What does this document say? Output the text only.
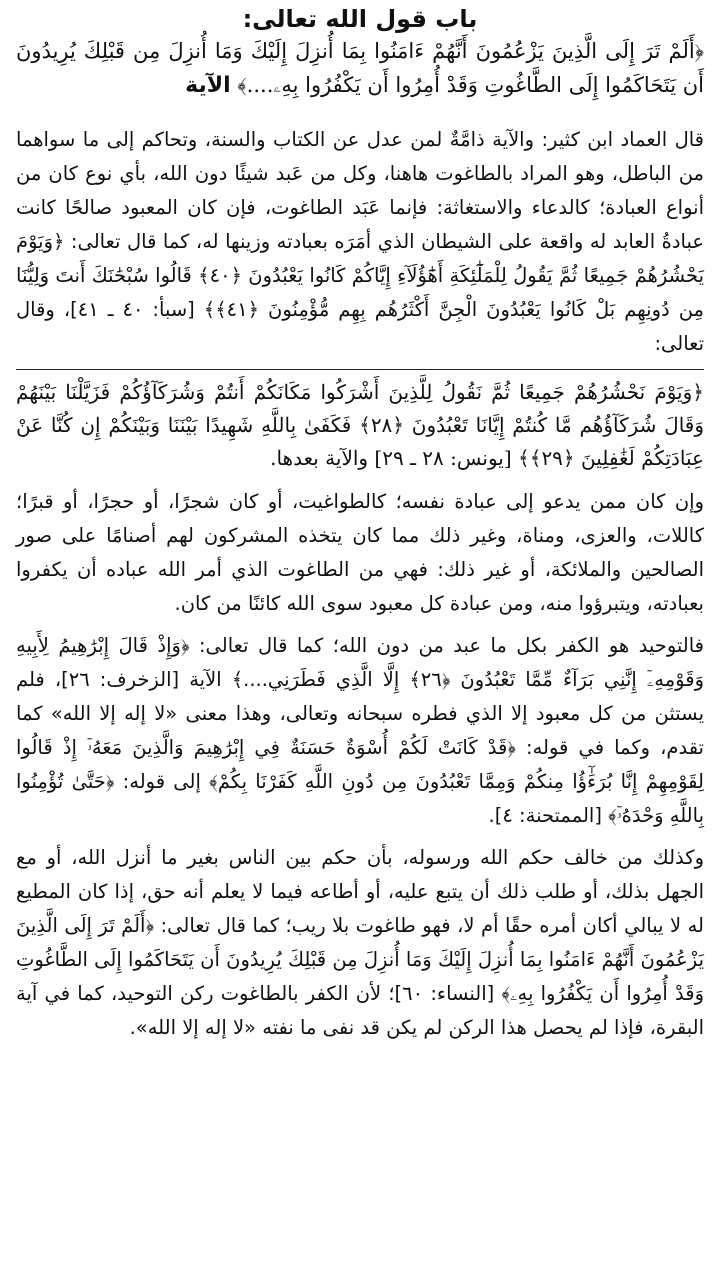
باب قول الله تعالى:

﴿أَلَمْ تَرَ إِلَى الَّذِينَ يَزْعُمُونَ أَنَّهُمْ ءَامَنُوا بِمَا أُنزِلَ إِلَيْكَ وَمَا أُنزِلَ مِن قَبْلِكَ يُرِيدُونَ أَن يَتَحَاكَمُوا إِلَى الطَّاغُوتِ وَقَدْ أُمِرُوا أَن يَكْفُرُوا بِهِۦ....﴾ الآية

قال العماد ابن كثير: والآية ذامَّةٌ لمن عدل عن الكتاب والسنة، وتحاكم إلى ما سواهما من الباطل، وهو المراد بالطاغوت هاهنا، وكل من عَبد شيئًا دون الله، بأي نوع كان من أنواع العبادة؛ كالدعاء والاستغاثة: فإنما عَبَد الطاغوت، فإن كان المعبود صالحًا كانت عبادةُ العابد له واقعة على الشيطان الذي أمَرَه بعبادته وزينها له، كما قال تعالى: ﴿وَيَوْمَ يَحْشُرُهُمْ جَمِيعًا ثُمَّ يَقُولُ لِلْمَلَٰٓئِكَةِ أَهَٰٓؤُلَآءِ إِيَّاكُمْ كَانُوا يَعْبُدُونَ ﴿٤٠﴾ قَالُوا سُبْحَٰنَكَ أَنتَ وَلِيُّنَا مِن دُونِهِم بَلْ كَانُوا يَعْبُدُونَ الْجِنَّ أَكْثَرُهُم بِهِم مُّؤْمِنُونَ ﴿٤١﴾﴾ [سبأ: ٤٠ ـ ٤١]، وقال تعالى:

﴿وَيَوْمَ نَحْشُرُهُمْ جَمِيعًا ثُمَّ نَقُولُ لِلَّذِينَ أَشْرَكُوا مَكَانَكُمْ أَنتُمْ وَشُرَكَآؤُكُمْ فَزَيَّلْنَا بَيْنَهُمْ وَقَالَ شُرَكَآؤُهُم مَّا كُنتُمْ إِيَّانَا تَعْبُدُونَ ﴿٢٨﴾ فَكَفَىٰ بِاللَّهِ شَهِيدًا بَيْنَنَا وَبَيْنَكُمْ إِن كُنَّا عَنْ عِبَادَتِكُمْ لَغَٰفِلِينَ ﴿٢٩﴾﴾ [يونس: ٢٨ ـ ٢٩] والآية بعدها.

وإن كان ممن يدعو إلى عبادة نفسه؛ كالطواغيت، أو كان شجرًا، أو حجرًا، أو قبرًا؛ كاللات، والعزى، ومناة، وغير ذلك مما كان يتخذه المشركون لهم أصنامًا على صور الصالحين والملائكة، أو غير ذلك: فهي من الطاغوت الذي أمر الله عباده أن يكفروا بعبادته، ويتبرؤوا منه، ومن عبادة كل معبود سوى الله كائنًا من كان.

فالتوحيد هو الكفر بكل ما عبد من دون الله؛ كما قال تعالى: ﴿وَإِذْ قَالَ إِبْرَٰهِيمُ لِأَبِيهِ وَقَوْمِهِۦٓ إِنَّنِي بَرَآءٌ مِّمَّا تَعْبُدُونَ ﴿٢٦﴾ إِلَّا الَّذِي فَطَرَنِي....﴾ الآية [الزخرف: ٢٦]، فلم يستثن من كل معبود إلا الذي فطره سبحانه وتعالى، وهذا معنى «لا إله إلا الله» كما تقدم، وكما في قوله: ﴿قَدْ كَانَتْ لَكُمْ أُسْوَةٌ حَسَنَةٌ فِي إِبْرَٰهِيمَ وَالَّذِينَ مَعَهُۥٓ إِذْ قَالُوا لِقَوْمِهِمْ إِنَّا بُرَءَٰٓؤُا مِنكُمْ وَمِمَّا تَعْبُدُونَ مِن دُونِ اللَّهِ كَفَرْنَا بِكُمْ﴾ إلى قوله: ﴿حَتَّىٰ تُؤْمِنُوا بِاللَّهِ وَحْدَهُۥٓ﴾ [الممتحنة: ٤].

وكذلك من خالف حكم الله ورسوله، بأن حكم بين الناس بغير ما أنزل الله، أو مع الجهل بذلك، أو طلب ذلك أن يتبع عليه، أو أطاعه فيما لا يعلم أنه حق، إذا كان المطيع له لا يبالي أكان أمره حقًا أم لا، فهو طاغوت بلا ريب؛ كما قال تعالى: ﴿أَلَمْ تَرَ إِلَى الَّذِينَ يَزْعُمُونَ أَنَّهُمْ ءَامَنُوا بِمَا أُنزِلَ إِلَيْكَ وَمَا أُنزِلَ مِن قَبْلِكَ يُرِيدُونَ أَن يَتَحَاكَمُوا إِلَى الطَّاغُوتِ وَقَدْ أُمِرُوا أَن يَكْفُرُوا بِهِۦ﴾ [النساء: ٦٠]؛ لأن الكفر بالطاغوت ركن التوحيد، كما في آية البقرة، فإذا لم يحصل هذا الركن لم يكن قد نفى ما نفته «لا إله إلا الله».
